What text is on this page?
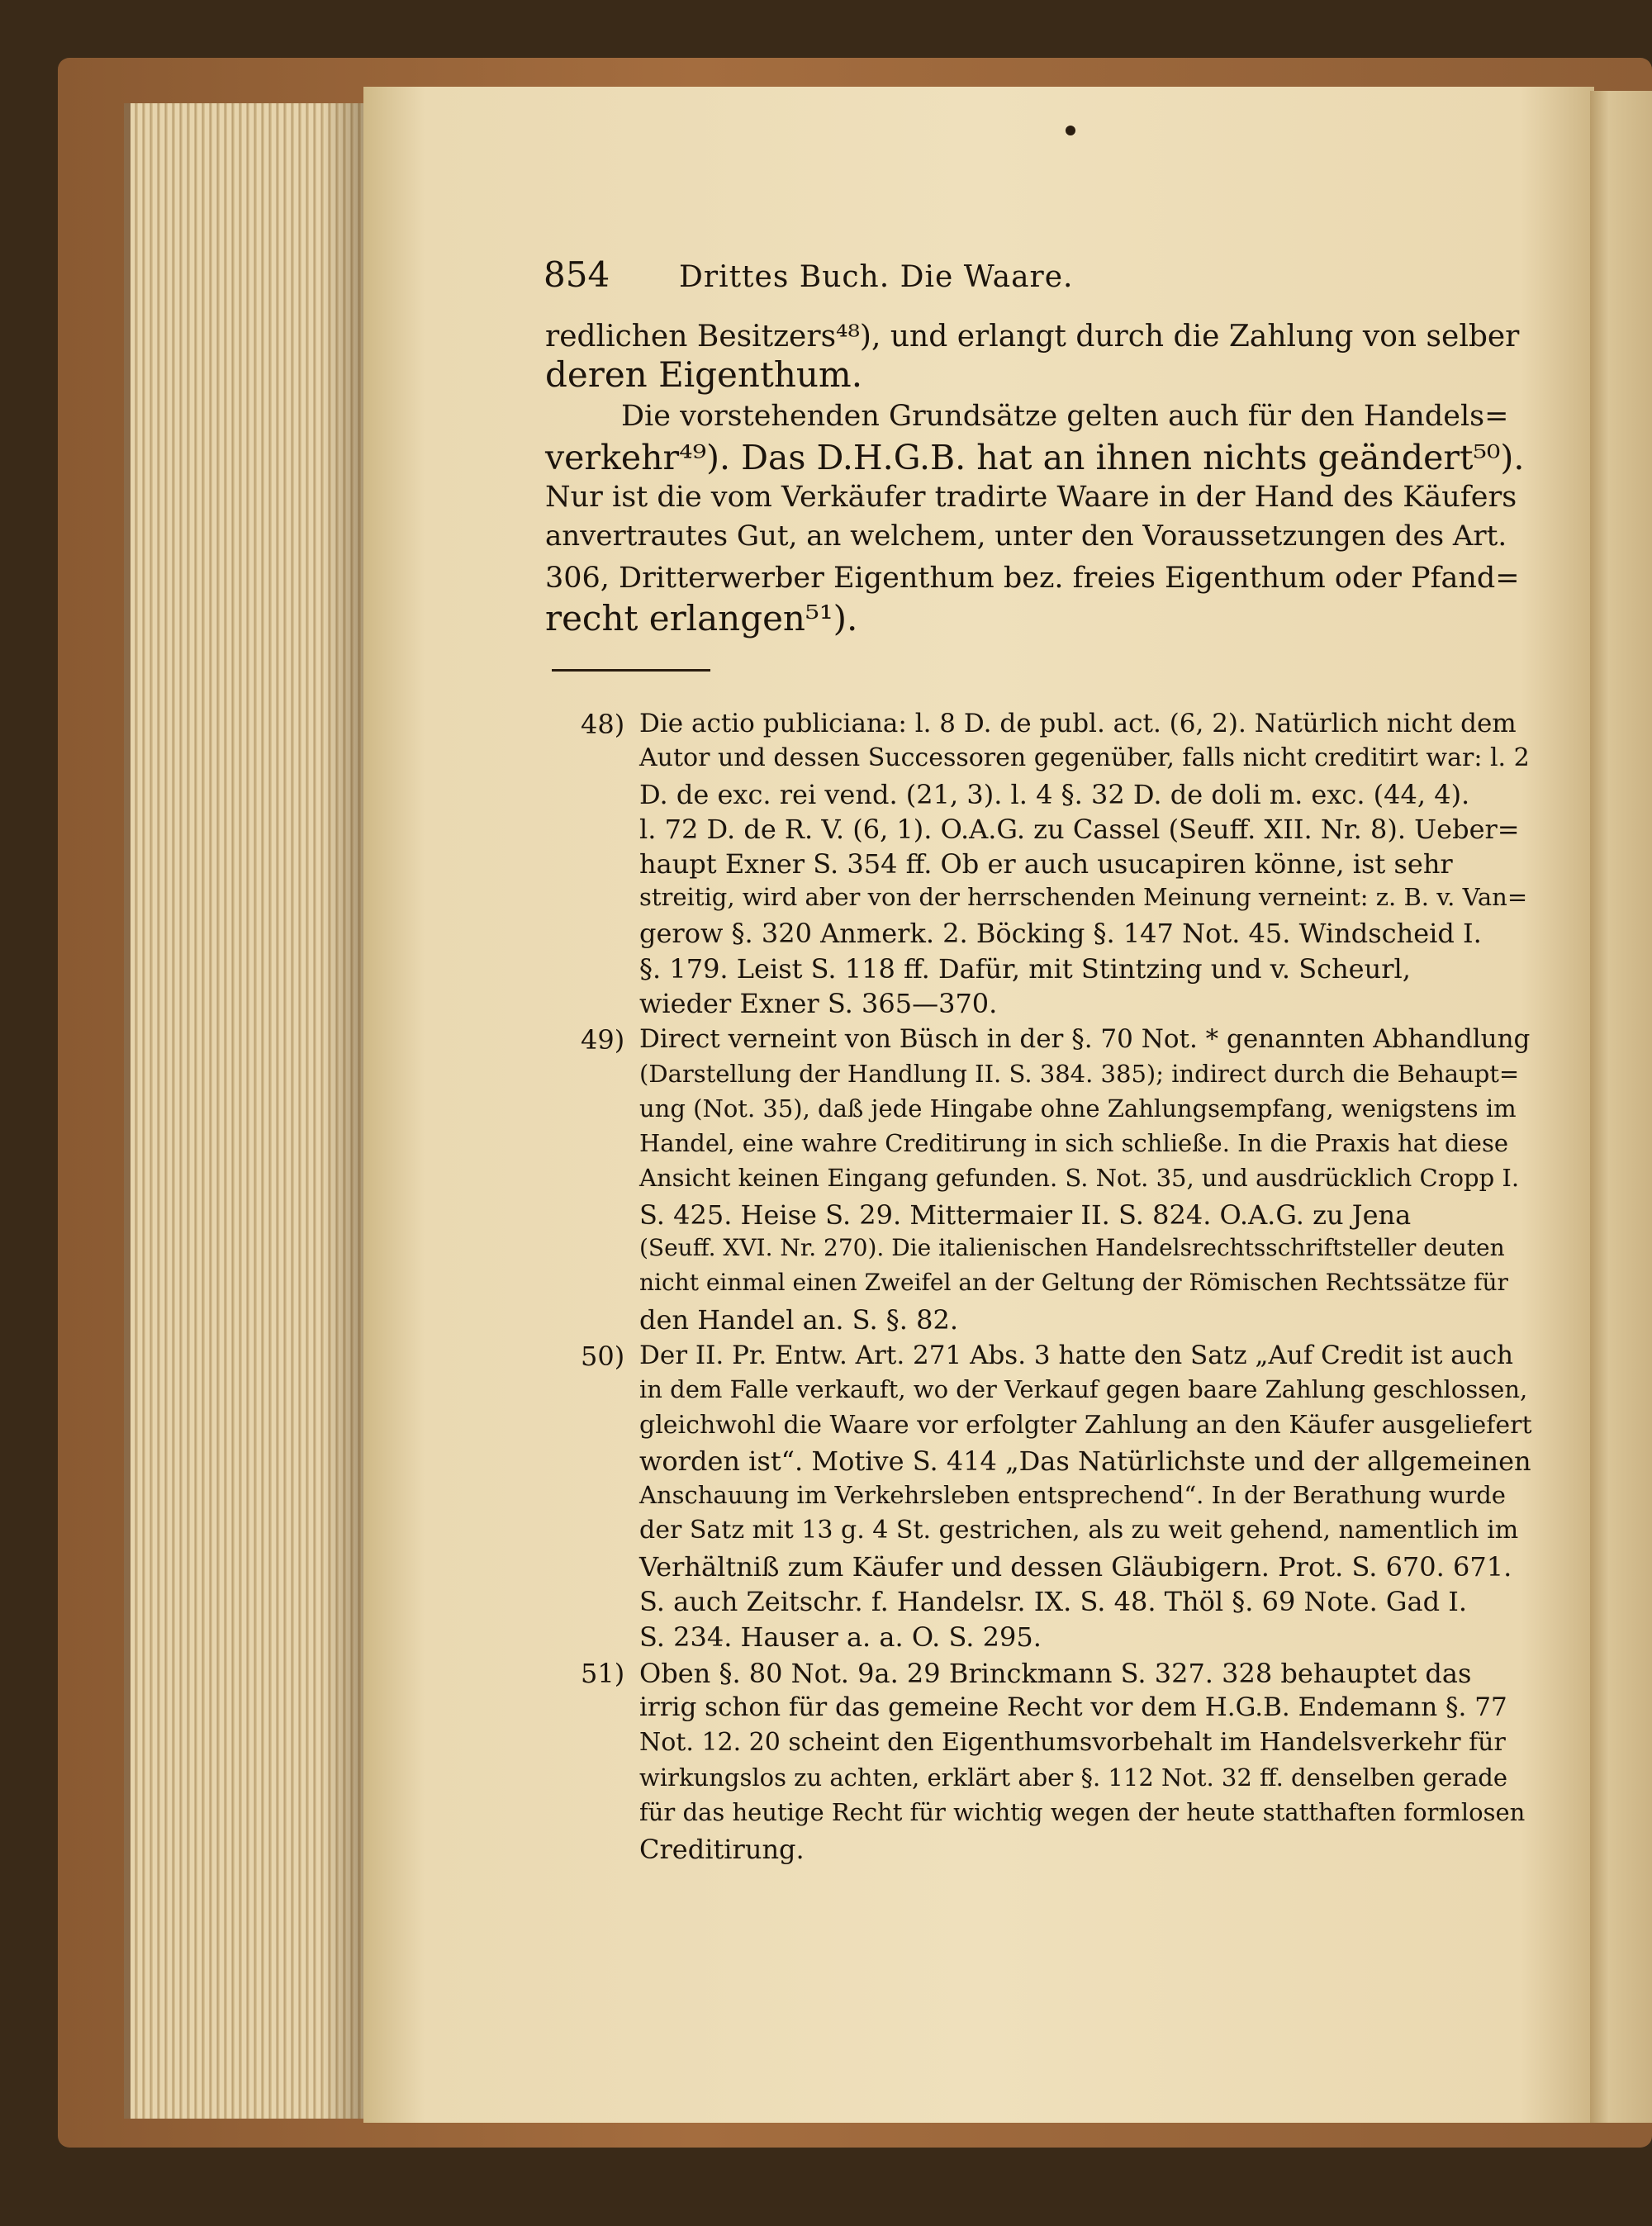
854 Drittes Buch. Die Waare.
redlichen Besitzers⁴⁸), und erlangt durch die Zahlung von selber
deren Eigenthum.
Die vorstehenden Grundsätze gelten auch für den Handels=
verkehr⁴⁹). Das D.H.G.B. hat an ihnen nichts geändert⁵⁰).
Nur ist die vom Verkäufer tradirte Waare in der Hand des Käufers
anvertrautes Gut, an welchem, unter den Voraussetzungen des Art.
306, Dritterwerber Eigenthum bez. freies Eigenthum oder Pfand=
recht erlangen⁵¹).
48) Die actio publiciana: l. 8 D. de publ. act. (6, 2). Natürlich nicht dem
Autor und dessen Successoren gegenüber, falls nicht creditirt war: l. 2
D. de exc. rei vend. (21, 3). l. 4 §. 32 D. de doli m. exc. (44, 4).
l. 72 D. de R. V. (6, 1). O.A.G. zu Cassel (Seuff. XII. Nr. 8). Ueber=
haupt Exner S. 354 ff. Ob er auch usucapiren könne, ist sehr
streitig, wird aber von der herrschenden Meinung verneint: z. B. v. Van=
gerow §. 320 Anmerk. 2. Böcking §. 147 Not. 45. Windscheid I.
§. 179. Leist S. 118 ff. Dafür, mit Stintzing und v. Scheurl,
wieder Exner S. 365—370.
49) Direct verneint von Büsch in der §. 70 Not. * genannten Abhandlung
(Darstellung der Handlung II. S. 384. 385); indirect durch die Behaupt=
ung (Not. 35), daß jede Hingabe ohne Zahlungsempfang, wenigstens im
Handel, eine wahre Creditirung in sich schließe. In die Praxis hat diese
Ansicht keinen Eingang gefunden. S. Not. 35, und ausdrücklich Cropp I.
S. 425. Heise S. 29. Mittermaier II. S. 824. O.A.G. zu Jena
(Seuff. XVI. Nr. 270). Die italienischen Handelsrechtsschriftsteller deuten
nicht einmal einen Zweifel an der Geltung der Römischen Rechtssätze für
den Handel an. S. §. 82.
50) Der II. Pr. Entw. Art. 271 Abs. 3 hatte den Satz „Auf Credit ist auch
in dem Falle verkauft, wo der Verkauf gegen baare Zahlung geschlossen,
gleichwohl die Waare vor erfolgter Zahlung an den Käufer ausgeliefert
worden ist“. Motive S. 414 „Das Natürlichste und der allgemeinen
Anschauung im Verkehrsleben entsprechend“. In der Berathung wurde
der Satz mit 13 g. 4 St. gestrichen, als zu weit gehend, namentlich im
Verhältniß zum Käufer und dessen Gläubigern. Prot. S. 670. 671.
S. auch Zeitschr. f. Handelsr. IX. S. 48. Thöl §. 69 Note. Gad I.
S. 234. Hauser a. a. O. S. 295.
51) Oben §. 80 Not. 9a. 29 Brinckmann S. 327. 328 behauptet das
irrig schon für das gemeine Recht vor dem H.G.B. Endemann §. 77
Not. 12. 20 scheint den Eigenthumsvorbehalt im Handelsverkehr für
wirkungslos zu achten, erklärt aber §. 112 Not. 32 ff. denselben gerade
für das heutige Recht für wichtig wegen der heute statthaften formlosen
Creditirung.
